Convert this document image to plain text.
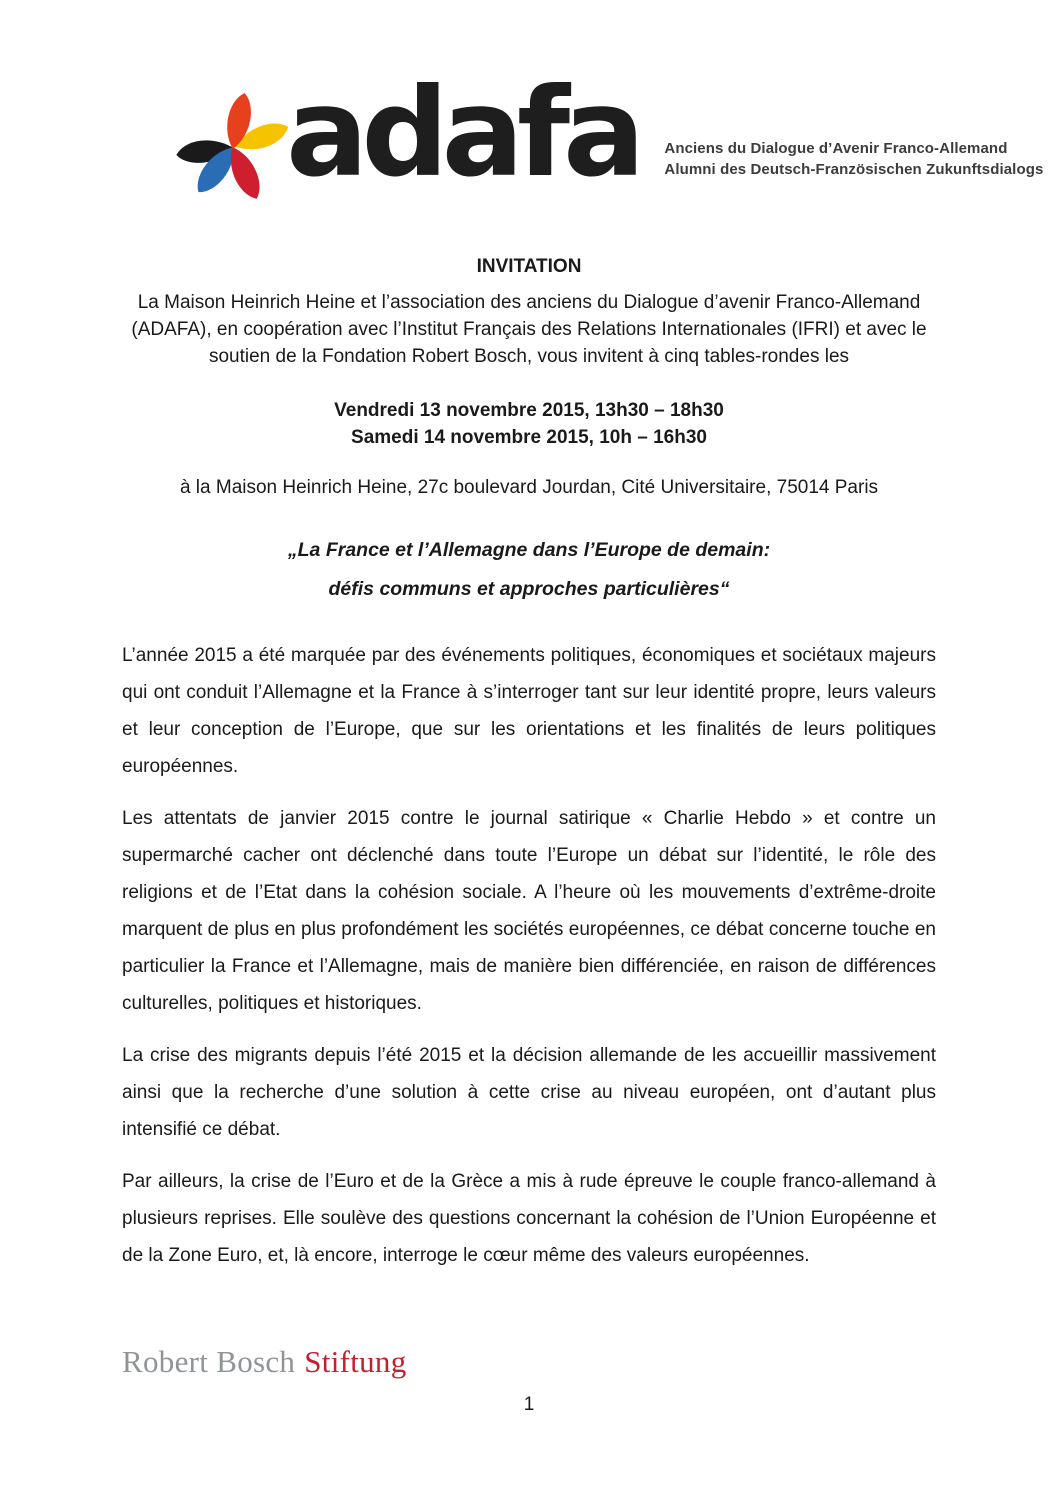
adafa Anciens du Dialogue d’Avenir Franco-Allemand
Alumni des Deutsch-Französischen Zukunftsdialogs
INVITATION

La Maison Heinrich Heine et l’association des anciens du Dialogue d’avenir Franco-Allemand (ADAFA), en coopération avec l’Institut Français des Relations Internationales (IFRI) et avec le soutien de la Fondation Robert Bosch, vous invitent à cinq tables-rondes les

Vendredi 13 novembre 2015, 13h30 – 18h30
Samedi 14 novembre 2015, 10h – 16h30

à la Maison Heinrich Heine, 27c boulevard Jourdan, Cité Universitaire, 75014 Paris

„La France et l’Allemagne dans l’Europe de demain:
défis communs et approches particulières“

L’année 2015 a été marquée par des événements politiques, économiques et sociétaux majeurs qui ont conduit l’Allemagne et la France à s’interroger tant sur leur identité propre, leurs valeurs et leur conception de l’Europe, que sur les orientations et les finalités de leurs politiques européennes.

Les attentats de janvier 2015 contre le journal satirique « Charlie Hebdo » et contre un supermarché cacher ont déclenché dans toute l’Europe un débat sur l’identité, le rôle des religions et de l’Etat dans la cohésion sociale. A l’heure où les mouvements d’extrême-droite marquent de plus en plus profondément les sociétés européennes, ce débat concerne touche en particulier la France et l’Allemagne, mais de manière bien différenciée, en raison de différences culturelles, politiques et historiques.

La crise des migrants depuis l’été 2015 et la décision allemande de les accueillir massivement ainsi que la recherche d’une solution à cette crise au niveau européen, ont d’autant plus intensifié ce débat.

Par ailleurs, la crise de l’Euro et de la Grèce a mis à rude épreuve le couple franco-allemand à plusieurs reprises. Elle soulève des questions concernant la cohésion de l’Union Européenne et de la Zone Euro, et, là encore, interroge le cœur même des valeurs européennes.

Robert Bosch Stiftung
1
